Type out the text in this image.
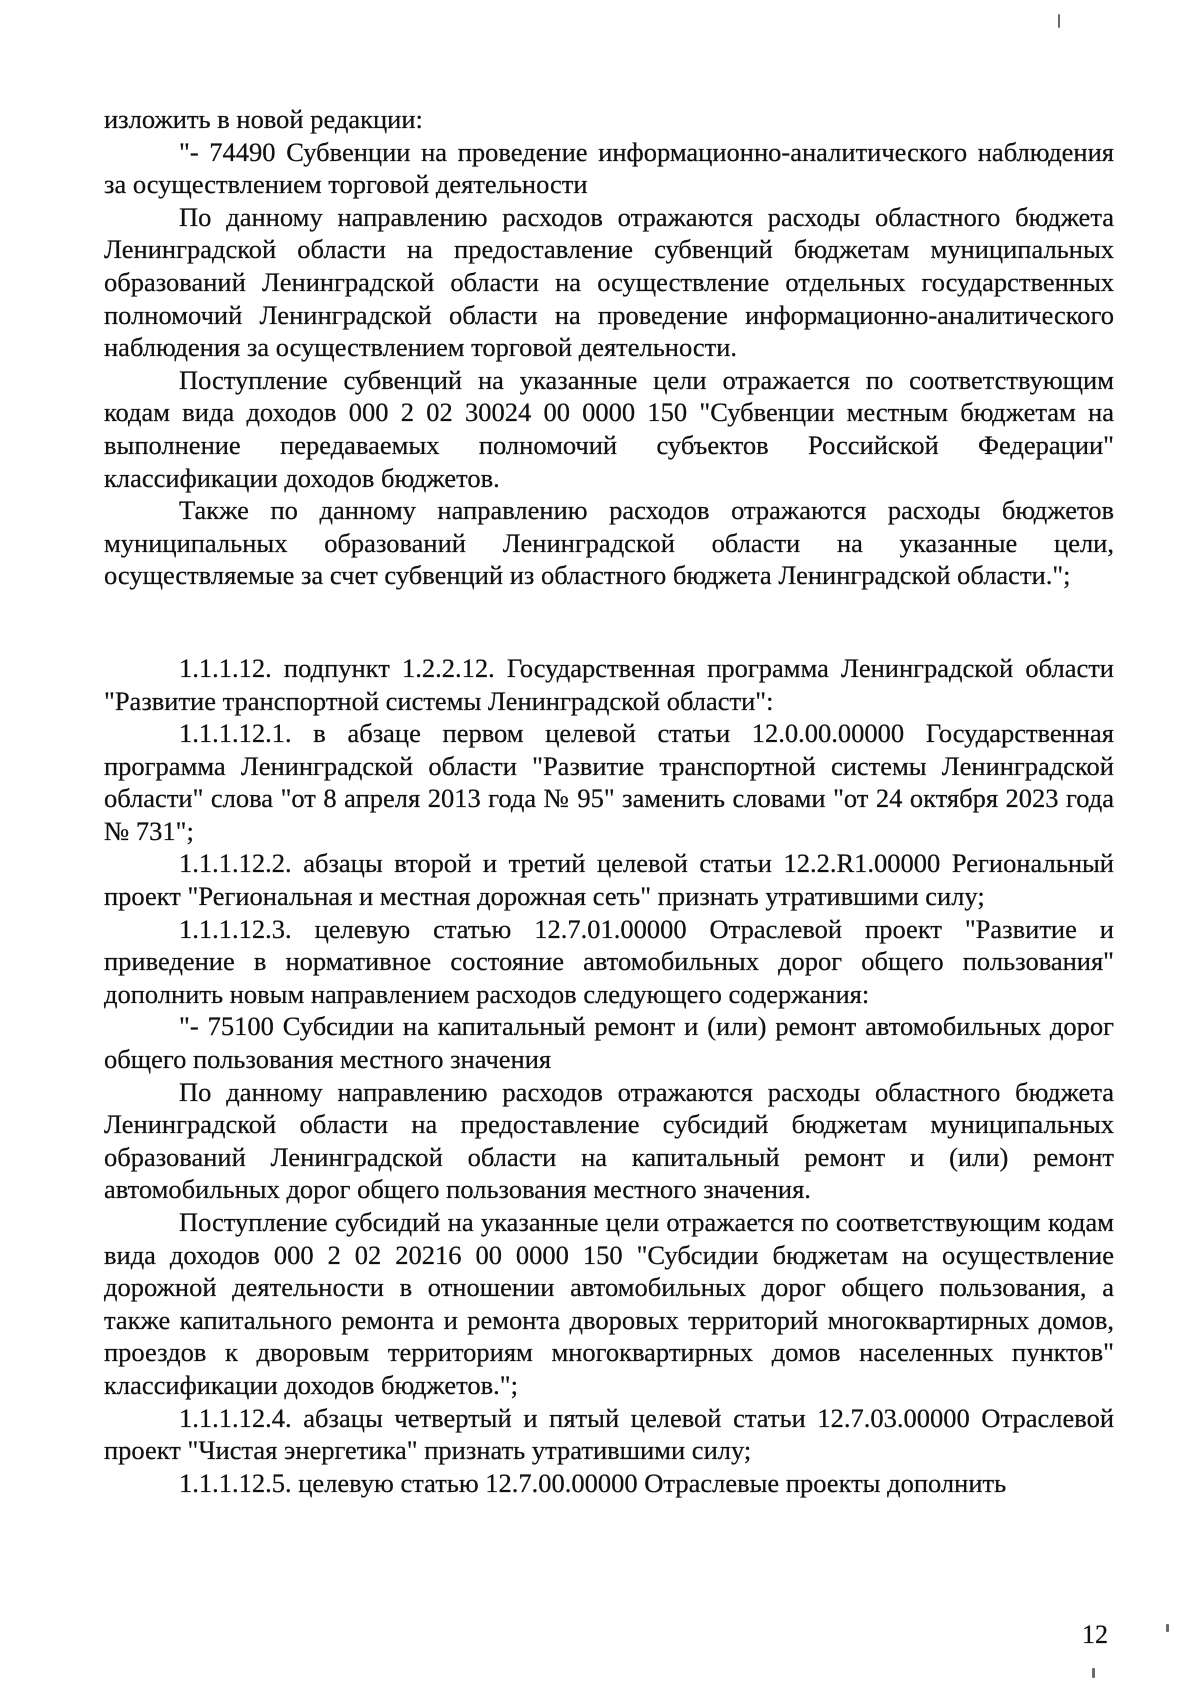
изложить в новой редакции:

"- 74490 Субвенции на проведение информационно-аналитического наблюдения за осуществлением торговой деятельности

По данному направлению расходов отражаются расходы областного бюджета Ленинградской области на предоставление субвенций бюджетам муниципальных образований Ленинградской области на осуществление отдельных государственных полномочий Ленинградской области на проведение информационно-аналитического наблюдения за осуществлением торговой деятельности.

Поступление субвенций на указанные цели отражается по соответствующим кодам вида доходов 000 2 02 30024 00 0000 150 "Субвенции местным бюджетам на выполнение передаваемых полномочий субъектов Российской Федерации" классификации доходов бюджетов.

Также по данному направлению расходов отражаются расходы бюджетов муниципальных образований Ленинградской области на указанные цели, осуществляемые за счет субвенций из областного бюджета Ленинградской области.";

1.1.1.12. подпункт 1.2.2.12. Государственная программа Ленинградской области "Развитие транспортной системы Ленинградской области":

1.1.1.12.1. в абзаце первом целевой статьи 12.0.00.00000 Государственная программа Ленинградской области "Развитие транспортной системы Ленинградской области" слова "от 8 апреля 2013 года № 95" заменить словами "от 24 октября 2023 года № 731";

1.1.1.12.2. абзацы второй и третий целевой статьи 12.2.R1.00000 Региональный проект "Региональная и местная дорожная сеть" признать утратившими силу;

1.1.1.12.3. целевую статью 12.7.01.00000 Отраслевой проект "Развитие и приведение в нормативное состояние автомобильных дорог общего пользования" дополнить новым направлением расходов следующего содержания:

"- 75100 Субсидии на капитальный ремонт и (или) ремонт автомобильных дорог общего пользования местного значения

По данному направлению расходов отражаются расходы областного бюджета Ленинградской области на предоставление субсидий бюджетам муниципальных образований Ленинградской области на капитальный ремонт и (или) ремонт автомобильных дорог общего пользования местного значения.

Поступление субсидий на указанные цели отражается по соответствующим кодам вида доходов 000 2 02 20216 00 0000 150 "Субсидии бюджетам на осуществление дорожной деятельности в отношении автомобильных дорог общего пользования, а также капитального ремонта и ремонта дворовых территорий многоквартирных домов, проездов к дворовым территориям многоквартирных домов населенных пунктов" классификации доходов бюджетов.";

1.1.1.12.4. абзацы четвертый и пятый целевой статьи 12.7.03.00000 Отраслевой проект "Чистая энергетика" признать утратившими силу;

1.1.1.12.5. целевую статью 12.7.00.00000 Отраслевые проекты дополнить

12
